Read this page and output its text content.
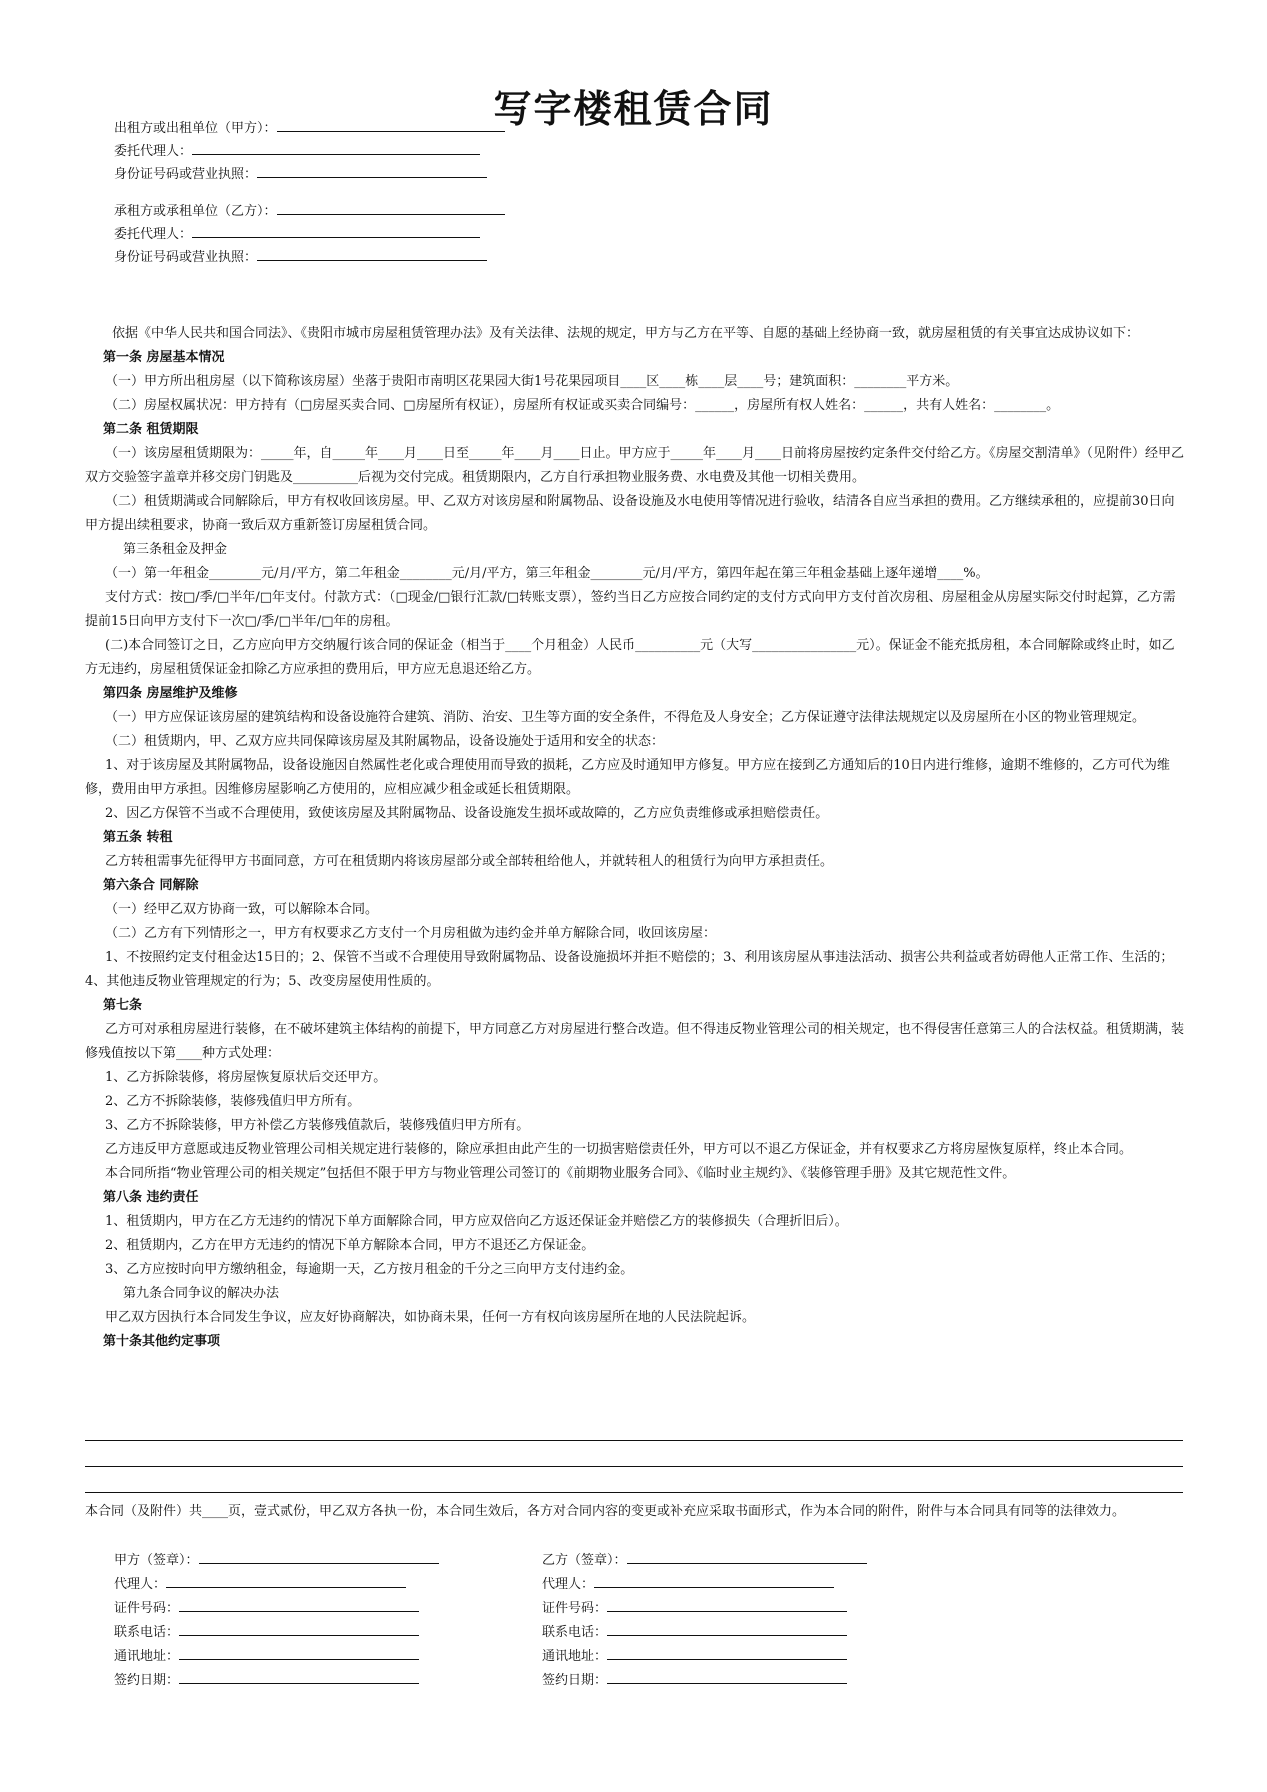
写字楼租赁合同
出租方或出租单位（甲方）：
委托代理人：
身份证号码或营业执照：
承租方或承租单位（乙方）：
委托代理人：
身份证号码或营业执照：

依据《中华人民共和国合同法》、《贵阳市城市房屋租赁管理办法》及有关法律、法规的规定，甲方与乙方在平等、自愿的基础上经协商一致，就房屋租赁的有关事宜达成协议如下：

第一条 房屋基本情况

（一）甲方所出租房屋（以下简称该房屋）坐落于贵阳市南明区花果园大街1号花果园项目____区____栋____层____号；建筑面积：________平方米。

（二）房屋权属状况：甲方持有（□房屋买卖合同、□房屋所有权证），房屋所有权证或买卖合同编号：______，房屋所有权人姓名：______，共有人姓名：________。

第二条 租赁期限

（一）该房屋租赁期限为：_____年，自_____年____月____日至_____年____月____日止。甲方应于_____年____月____日前将房屋按约定条件交付给乙方。《房屋交割清单》（见附件）经甲乙双方交验签字盖章并移交房门钥匙及__________后视为交付完成。租赁期限内，乙方自行承担物业服务费、水电费及其他一切相关费用。

（二）租赁期满或合同解除后，甲方有权收回该房屋。甲、乙双方对该房屋和附属物品、设备设施及水电使用等情况进行验收，结清各自应当承担的费用。乙方继续承租的，应提前30日向甲方提出续租要求，协商一致后双方重新签订房屋租赁合同。

第三条租金及押金

（一）第一年租金________元/月/平方，第二年租金________元/月/平方，第三年租金________元/月/平方，第四年起在第三年租金基础上逐年递增____%。

支付方式：按□/季/□半年/□年支付。付款方式：（□现金/□银行汇款/□转账支票），签约当日乙方应按合同约定的支付方式向甲方支付首次房租、房屋租金从房屋实际交付时起算，乙方需提前15日向甲方支付下一次□/季/□半年/□年的房租。

(二)本合同签订之日，乙方应向甲方交纳履行该合同的保证金（相当于____个月租金）人民币__________元（大写________________元）。保证金不能充抵房租，本合同解除或终止时，如乙方无违约，房屋租赁保证金扣除乙方应承担的费用后，甲方应无息退还给乙方。

第四条 房屋维护及维修

（一）甲方应保证该房屋的建筑结构和设备设施符合建筑、消防、治安、卫生等方面的安全条件，不得危及人身安全；乙方保证遵守法律法规规定以及房屋所在小区的物业管理规定。

（二）租赁期内，甲、乙双方应共同保障该房屋及其附属物品，设备设施处于适用和安全的状态：

1、对于该房屋及其附属物品，设备设施因自然属性老化或合理使用而导致的损耗，乙方应及时通知甲方修复。甲方应在接到乙方通知后的10日内进行维修，逾期不维修的，乙方可代为维修，费用由甲方承担。因维修房屋影响乙方使用的，应相应减少租金或延长租赁期限。

2、因乙方保管不当或不合理使用，致使该房屋及其附属物品、设备设施发生损坏或故障的，乙方应负责维修或承担赔偿责任。

第五条 转租

乙方转租需事先征得甲方书面同意，方可在租赁期内将该房屋部分或全部转租给他人，并就转租人的租赁行为向甲方承担责任。

第六条合 同解除

（一）经甲乙双方协商一致，可以解除本合同。

（二）乙方有下列情形之一，甲方有权要求乙方支付一个月房租做为违约金并单方解除合同，收回该房屋：

1、不按照约定支付租金达15日的；2、保管不当或不合理使用导致附属物品、设备设施损坏并拒不赔偿的；3、利用该房屋从事违法活动、损害公共利益或者妨碍他人正常工作、生活的；4、其他违反物业管理规定的行为；5、改变房屋使用性质的。

第七条

乙方可对承租房屋进行装修，在不破坏建筑主体结构的前提下，甲方同意乙方对房屋进行整合改造。但不得违反物业管理公司的相关规定，也不得侵害任意第三人的合法权益。租赁期满，装修残值按以下第____种方式处理：

1、乙方拆除装修，将房屋恢复原状后交还甲方。

2、乙方不拆除装修，装修残值归甲方所有。

3、乙方不拆除装修，甲方补偿乙方装修残值款后，装修残值归甲方所有。

乙方违反甲方意愿或违反物业管理公司相关规定进行装修的，除应承担由此产生的一切损害赔偿责任外，甲方可以不退乙方保证金，并有权要求乙方将房屋恢复原样，终止本合同。

本合同所指“物业管理公司的相关规定”包括但不限于甲方与物业管理公司签订的《前期物业服务合同》、《临时业主规约》、《装修管理手册》及其它规范性文件。

第八条 违约责任

1、租赁期内，甲方在乙方无违约的情况下单方面解除合同，甲方应双倍向乙方返还保证金并赔偿乙方的装修损失（合理折旧后）。

2、租赁期内，乙方在甲方无违约的情况下单方解除本合同，甲方不退还乙方保证金。

3、乙方应按时向甲方缴纳租金，每逾期一天，乙方按月租金的千分之三向甲方支付违约金。

第九条合同争议的解决办法

甲乙双方因执行本合同发生争议，应友好协商解决，如协商未果，任何一方有权向该房屋所在地的人民法院起诉。

第十条其他约定事项

本合同（及附件）共____页，壹式贰份，甲乙双方各执一份，本合同生效后，各方对合同内容的变更或补充应采取书面形式，作为本合同的附件，附件与本合同具有同等的法律效力。
甲方（签章）：
代理人：
证件号码：
联系电话：
通讯地址：
签约日期：
乙方（签章）：
代理人：
证件号码：
联系电话：
通讯地址：
签约日期：
